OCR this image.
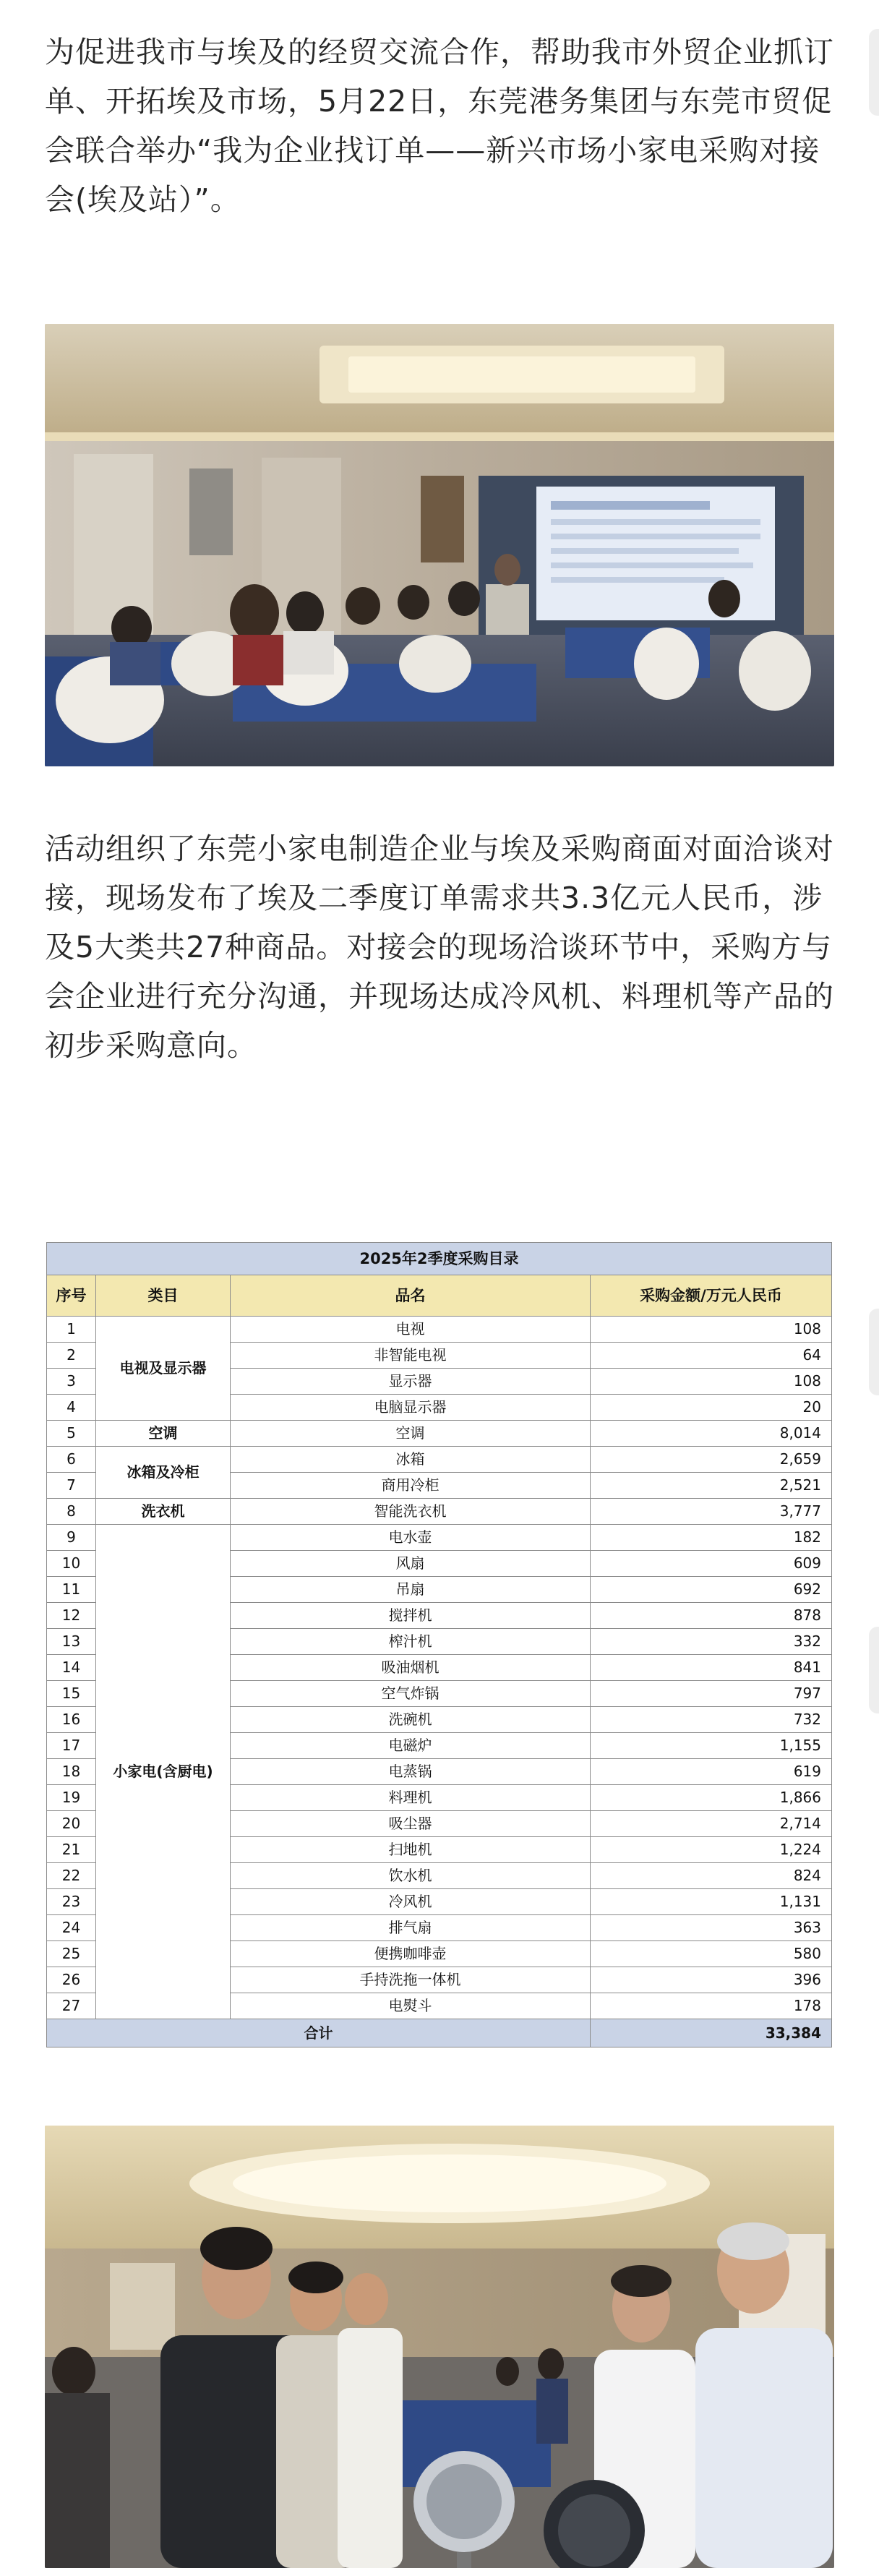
为促进我市与埃及的经贸交流合作，帮助我市外贸企业抓订单、开拓埃及市场，5月22日，东莞港务集团与东莞市贸促会联合举办“我为企业找订单——新兴市场小家电采购对接会(埃及站）”。

活动组织了东莞小家电制造企业与埃及采购商面对面洽谈对接，现场发布了埃及二季度订单需求共3.3亿元人民币，涉及5大类共27种商品。对接会的现场洽谈环节中，采购方与会企业进行充分沟通，并现场达成冷风机、料理机等产品的初步采购意向。

2025年2季度采购目录			
序号	类目	品名	采购金额/万元人民币
1	电视及显示器	电视	108
2		非智能电视	64
3		显示器	108
4		电脑显示器	20
5	空调	空调	8,014
6	冰箱及冷柜	冰箱	2,659
7		商用冷柜	2,521
8	洗衣机	智能洗衣机	3,777
9	小家电(含厨电)	电水壶	182
10		风扇	609
11		吊扇	692
12		搅拌机	878
13		榨汁机	332
14		吸油烟机	841
15		空气炸锅	797
16		洗碗机	732
17		电磁炉	1,155
18		电蒸锅	619
19		料理机	1,866
20		吸尘器	2,714
21		扫地机	1,224
22		饮水机	824
23		冷风机	1,131
24		排气扇	363
25		便携咖啡壶	580
26		手持洗拖一体机	396
27		电熨斗	178
合计			33,384
